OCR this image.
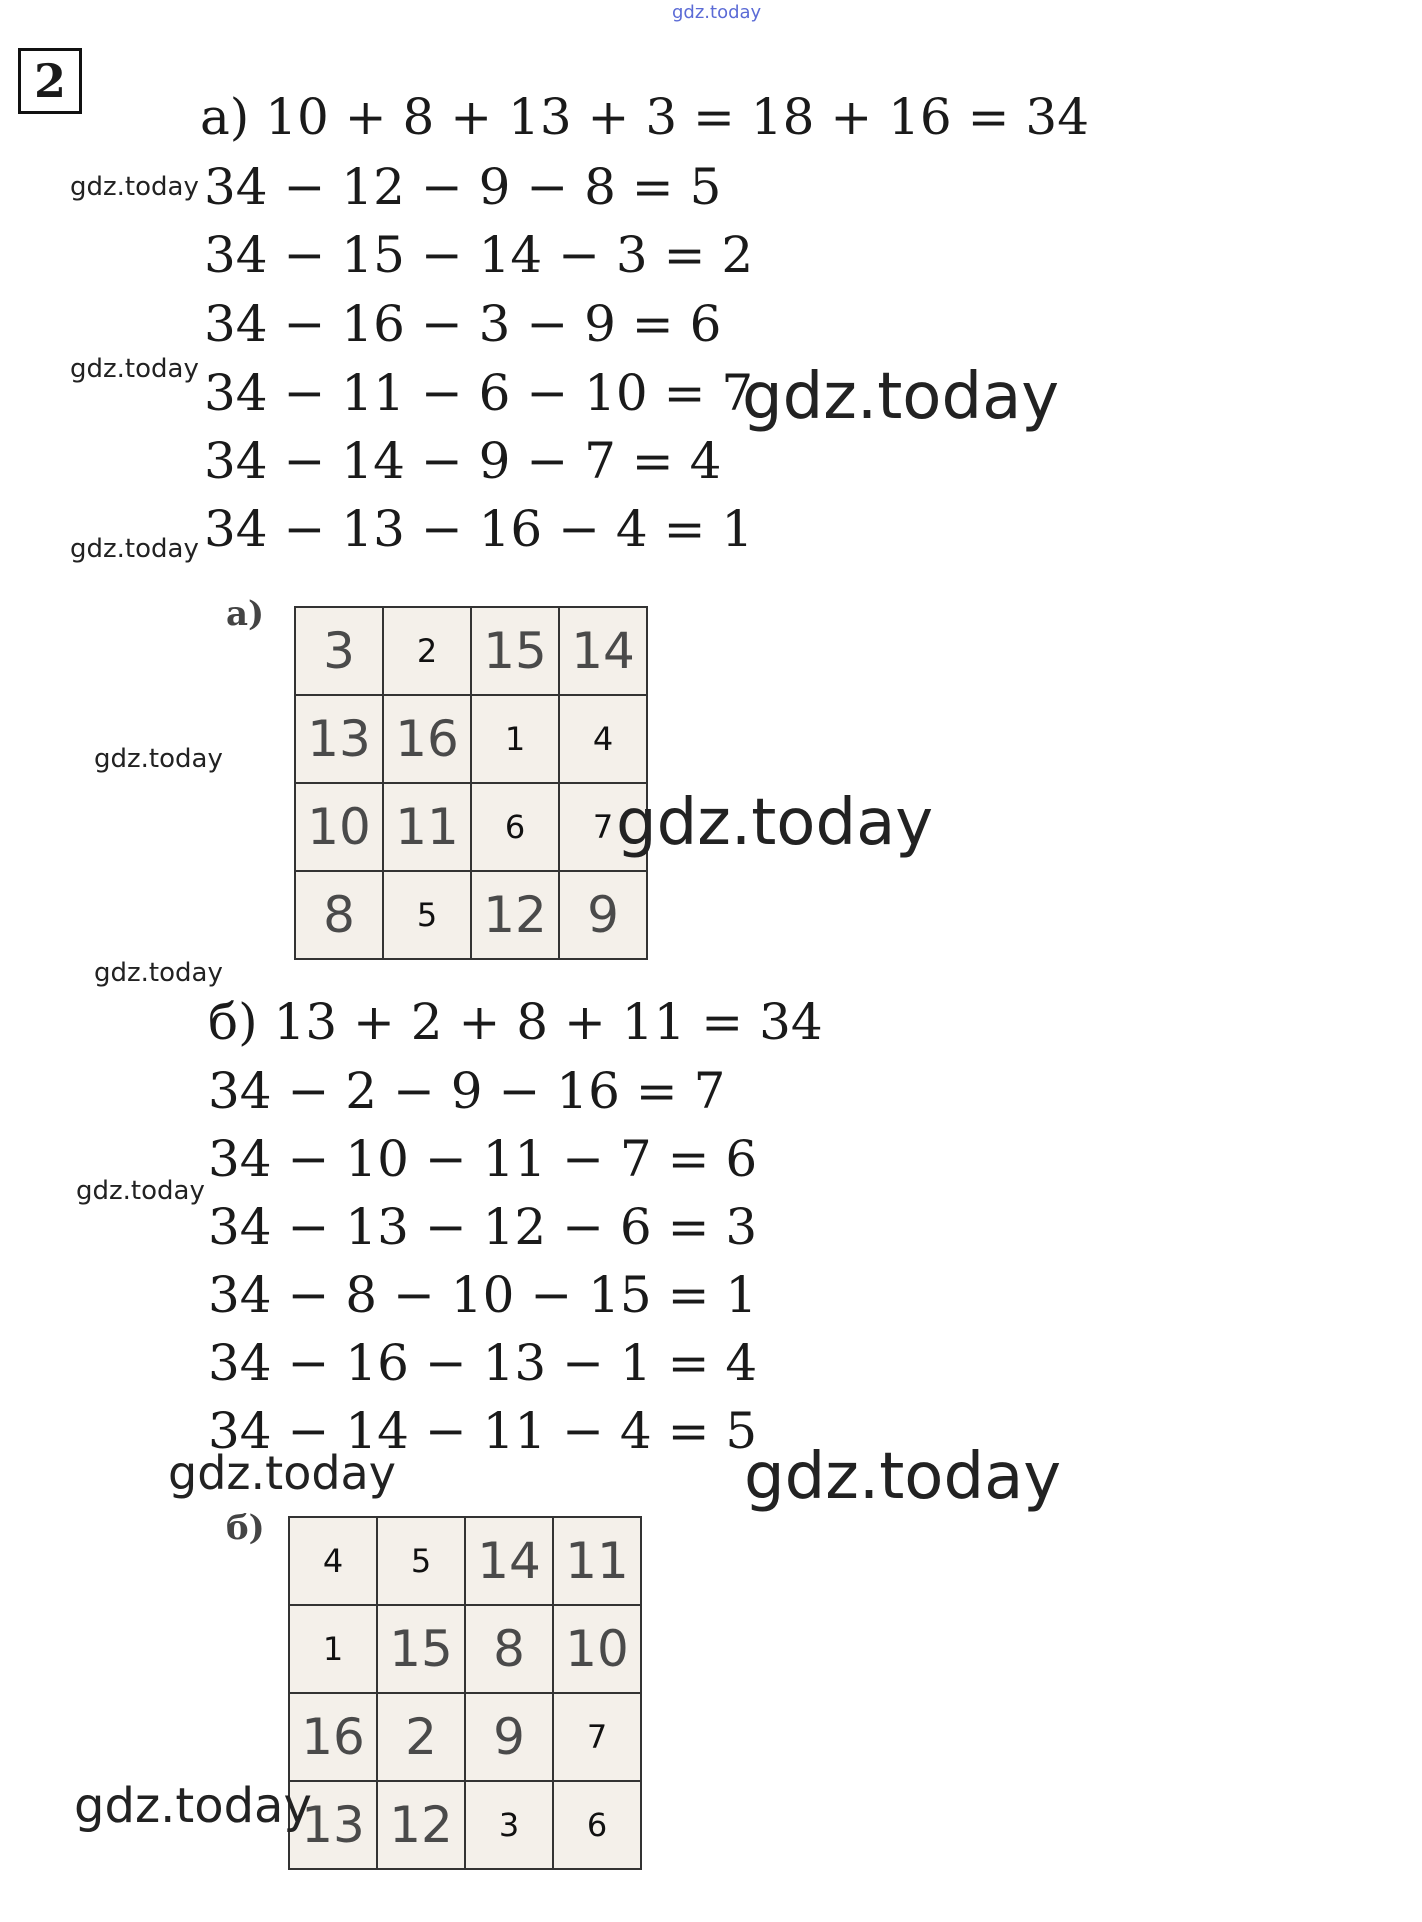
gdz.today
2
а) 10 + 8 + 13 + 3 = 18 + 16 = 34
34 − 12 − 9 − 8 = 5
34 − 15 − 14 − 3 = 2
34 − 16 − 3 − 9 = 6
34 − 11 − 6 − 10 = 7
34 − 14 − 9 − 7 = 4
34 − 13 − 16 − 4 = 1
gdz.today
gdz.today
gdz.today
gdz.today
а)
3	2	15	14
13	16	1	4
10	11	6	7
8	5	12	9
gdz.today
gdz.today
gdz.today
б) 13 + 2 + 8 + 11 = 34
34 − 2 − 9 − 16 = 7
34 − 10 − 11 − 7 = 6
34 − 13 − 12 − 6 = 3
34 − 8 − 10 − 15 = 1
34 − 16 − 13 − 1 = 4
34 − 14 − 11 − 4 = 5
gdz.today
gdz.today	gdz.today
б)
4	5	14	11
1	15	8	10
16	2	9	7
13	12	3	6
gdz.today
